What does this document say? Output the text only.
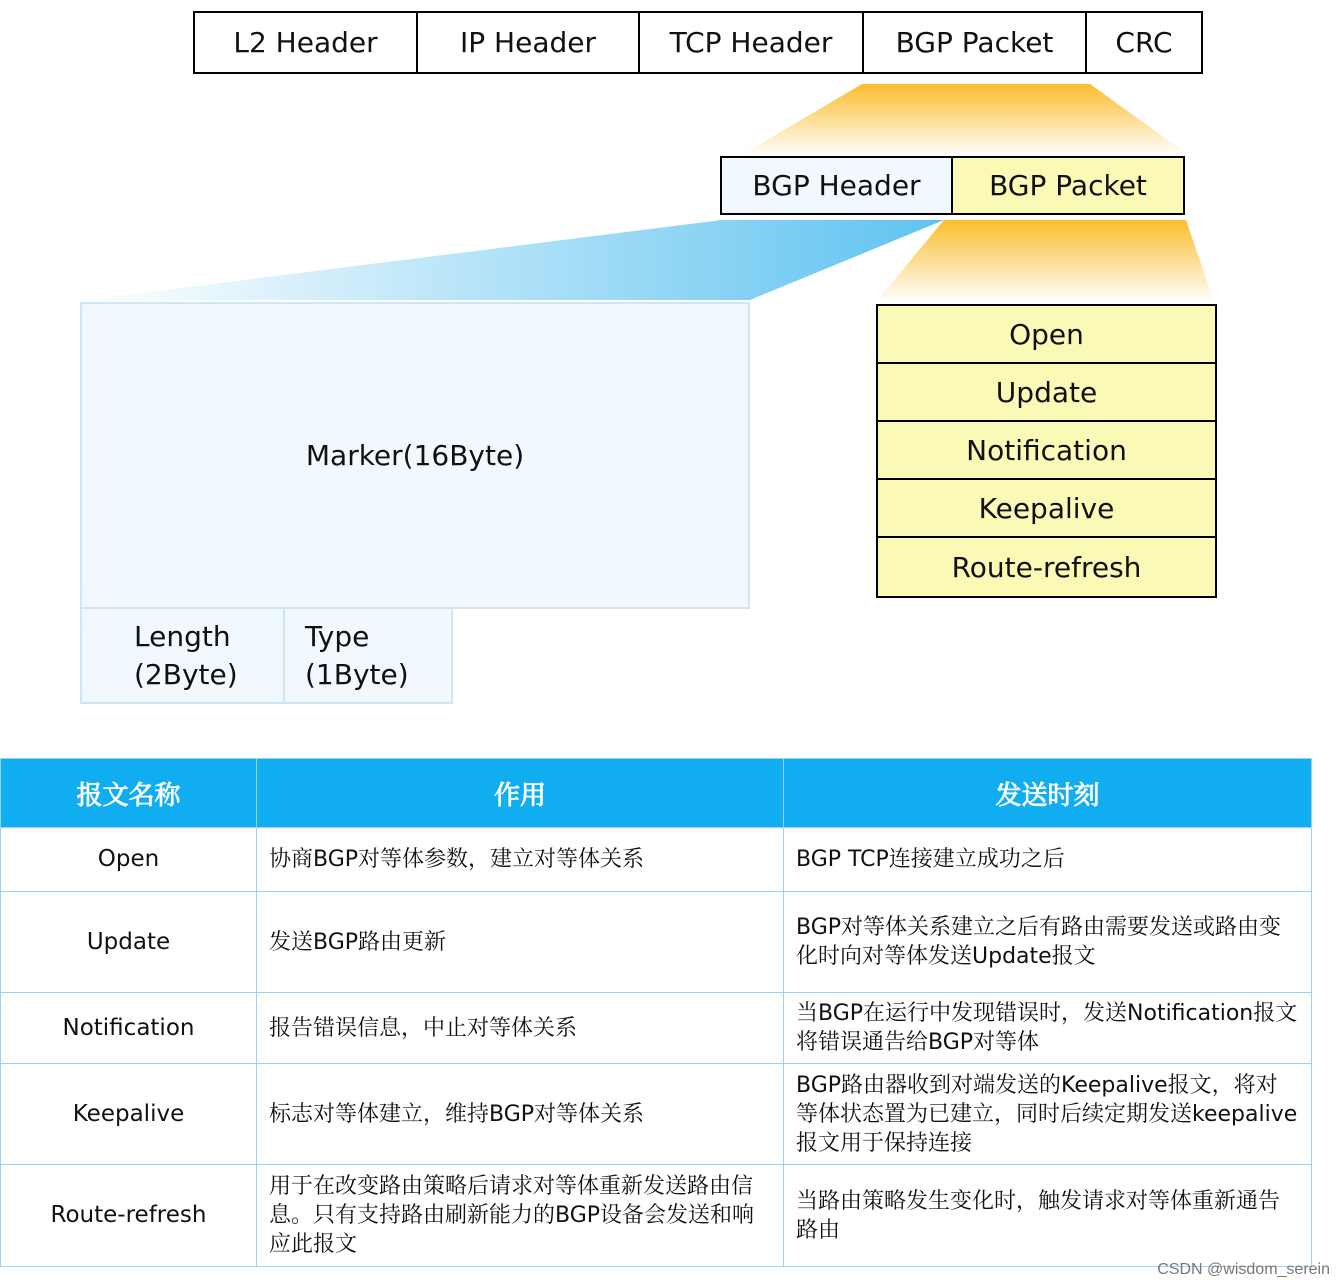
L2 Header	IP Header	TCP Header	BGP Packet	CRC
BGP Header	BGP Packet
Marker(16Byte)
Length
(2Byte)
Type
(1Byte)
Open
Update
Notification
Keepalive
Route-refresh
报文名称	作用	发送时刻
Open	协商BGP对等体参数，建立对等体关系	BGP TCP连接建立成功之后
Update	发送BGP路由更新	BGP对等体关系建立之后有路由需要发送或路由变化时向对等体发送Update报文
Notification	报告错误信息，中止对等体关系	当BGP在运行中发现错误时，发送Notification报文将错误通告给BGP对等体
Keepalive	标志对等体建立，维持BGP对等体关系	BGP路由器收到对端发送的Keepalive报文，将对等体状态置为已建立，同时后续定期发送keepalive报文用于保持连接
Route-refresh	用于在改变路由策略后请求对等体重新发送路由信息。只有支持路由刷新能力的BGP设备会发送和响应此报文	当路由策略发生变化时，触发请求对等体重新通告路由
CSDN @wisdom_serein
